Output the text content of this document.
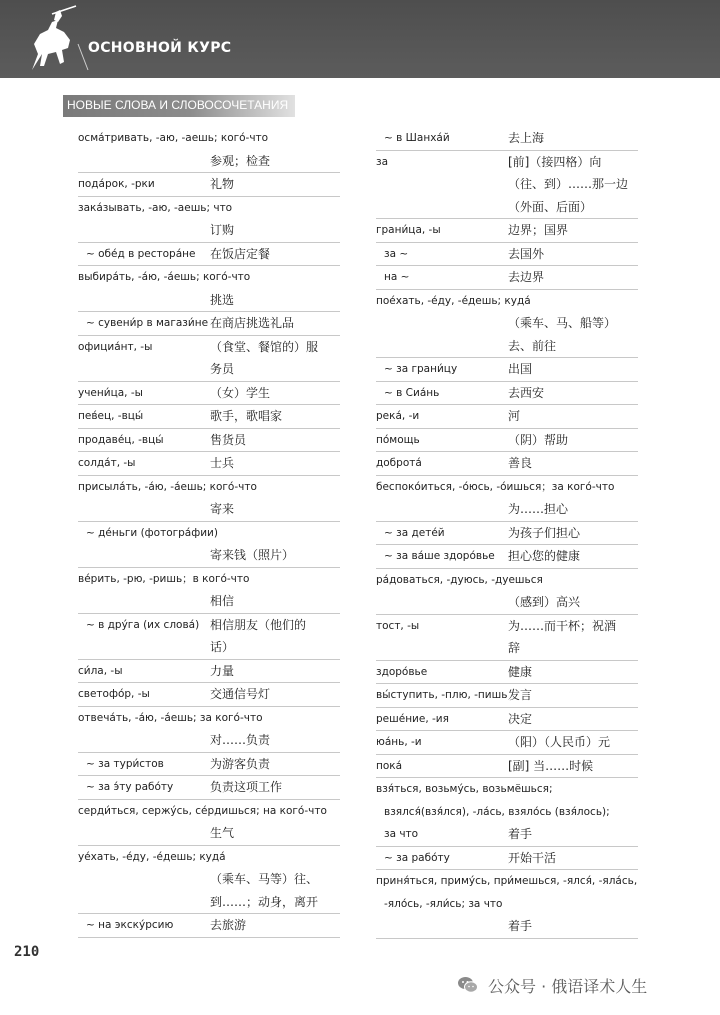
ОСНОВНОЙ КУРС
НОВЫЕ СЛОВА И СЛОВОСОЧЕТАНИЯ
осма́тривать, -аю, -аешь; кого́-что
参观；检查
пода́рок, -рки	礼物
зака́зывать, -аю, -аешь; что
订购
~ обе́д в рестора́не 在饭店定餐
выбира́ть, -а́ю, -а́ешь; кого́-что
挑选
~ сувени́р в магази́не 在商店挑选礼品
официа́нт, -ы	（食堂、餐馆的）服
务员
учени́ца, -ы	（女）学生
пев́ец, -вцы́	歌手，歌唱家
продаве́ц, -вцы́	售货员
солда́т, -ы	士兵
присыла́ть, -а́ю, -а́ешь; кого́-что
寄来
~ де́ньги (фотогра́фии)
寄来钱（照片）
ве́рить, -рю, -ришь；в кого́-что
相信
~ в дру́га (их слова́) 相信朋友（他们的
话）
си́ла, -ы	力量
светофо́р, -ы	交通信号灯
отвеча́ть, -а́ю, -а́ешь; за кого́-что
对……负责
~ за тури́стов	为游客负责
~ за э́ту рабо́ту	负责这项工作
серди́ться, сержу́сь, се́рдишься; на кого́-что
生气
уе́хать, -е́ду, -е́дешь; куда́
（乘车、马等）往、
到……；动身，离开
~ на экску́рсию	去旅游
~ в Шанха́й	去上海
за	[前]（接四格）向
（往、到）……那一边
（外面、后面）
грани́ца, -ы	边界；国界
за ~	去国外
на ~	去边界
пое́хать, -е́ду, -е́дешь; куда́
（乘车、马、船等）
去、前往
~ за грани́цу	出国
~ в Сиа́нь	去西安
река́, -и	河
по́мощь	（阴）帮助
доброта́	善良
беспоко́иться, -о́юсь, -о́ишься；за кого́-что
为……担心
~ за дете́й	为孩子们担心
~ за ва́ше здоро́вье 担心您的健康
ра́доваться, -дуюсь, -дуешься
（感到）高兴
тост, -ы	为……而干杯；祝酒
辞
здоро́вье	健康
вы́ступить, -плю, -пишь 发言
реше́ние, -ия	决定
юа́нь, -и	（阳）（人民币）元
пока́	[副] 当……时候
взя́ться, возьму́сь, возьмёшься;
взялся́(взя́лся), -ла́сь, взяло́сь (взя́лось);
за что	着手
~ за рабо́ту	开始干活
приня́ться, приму́сь, при́мешься, -ялся́, -яла́сь,
-яло́сь, -яли́сь; за что
着手
210
公众号 · 俄语译术人生
